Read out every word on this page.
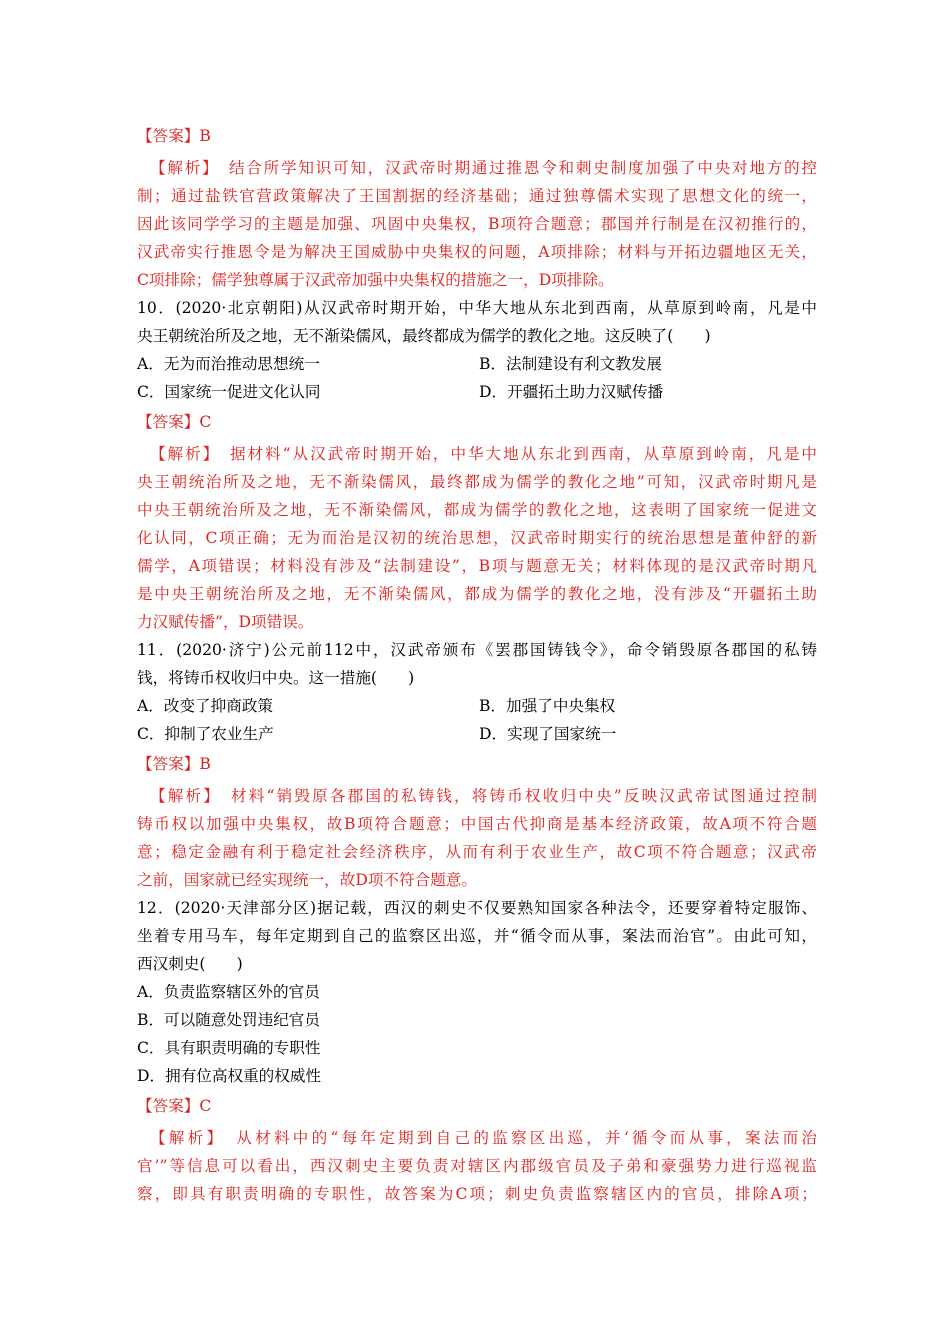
【答案】B
【解析】　结合所学知识可知，汉武帝时期通过推恩令和刺史制度加强了中央对地方的控
制；通过盐铁官营政策解决了王国割据的经济基础；通过独尊儒术实现了思想文化的统一，
因此该同学学习的主题是加强、巩固中央集权，B项符合题意；郡国并行制是在汉初推行的，
汉武帝实行推恩令是为解决王国威胁中央集权的问题，A项排除；材料与开拓边疆地区无关，
C项排除；儒学独尊属于汉武帝加强中央集权的措施之一，D项排除。
10．(2020·北京朝阳)从汉武帝时期开始，中华大地从东北到西南，从草原到岭南，凡是中
央王朝统治所及之地，无不渐染儒风，最终都成为儒学的教化之地。这反映了(　　)
A．无为而治推动思想统一	B．法制建设有利文教发展
C．国家统一促进文化认同	D．开疆拓土助力汉赋传播
【答案】C
【解析】　据材料“从汉武帝时期开始，中华大地从东北到西南，从草原到岭南，凡是中
央王朝统治所及之地，无不渐染儒风，最终都成为儒学的教化之地”可知，汉武帝时期凡是
中央王朝统治所及之地，无不渐染儒风，都成为儒学的教化之地，这表明了国家统一促进文
化认同，C项正确；无为而治是汉初的统治思想，汉武帝时期实行的统治思想是董仲舒的新
儒学，A项错误；材料没有涉及“法制建设”，B项与题意无关；材料体现的是汉武帝时期凡
是中央王朝统治所及之地，无不渐染儒风，都成为儒学的教化之地，没有涉及“开疆拓土助
力汉赋传播”，D项错误。
11．(2020·济宁)公元前112中，汉武帝颁布《罢郡国铸钱令》，命令销毁原各郡国的私铸
钱，将铸币权收归中央。这一措施(　　)
A．改变了抑商政策	B．加强了中央集权
C．抑制了农业生产	D．实现了国家统一
【答案】B
【解析】　材料“销毁原各郡国的私铸钱，将铸币权收归中央”反映汉武帝试图通过控制
铸币权以加强中央集权，故B项符合题意；中国古代抑商是基本经济政策，故A项不符合题
意；稳定金融有利于稳定社会经济秩序，从而有利于农业生产，故C项不符合题意；汉武帝
之前，国家就已经实现统一，故D项不符合题意。
12．(2020·天津部分区)据记载，西汉的刺史不仅要熟知国家各种法令，还要穿着特定服饰、
坐着专用马车，每年定期到自己的监察区出巡，并“循令而从事，案法而治官”。由此可知，
西汉刺史(　　)
A．负责监察辖区外的官员
B．可以随意处罚违纪官员
C．具有职责明确的专职性
D．拥有位高权重的权威性
【答案】C
【解析】　从材料中的“每年定期到自己的监察区出巡，并‘循令而从事，案法而治
官’”等信息可以看出，西汉刺史主要负责对辖区内郡级官员及子弟和豪强势力进行巡视监
察，即具有职责明确的专职性，故答案为C项；刺史负责监察辖区内的官员，排除A项；
